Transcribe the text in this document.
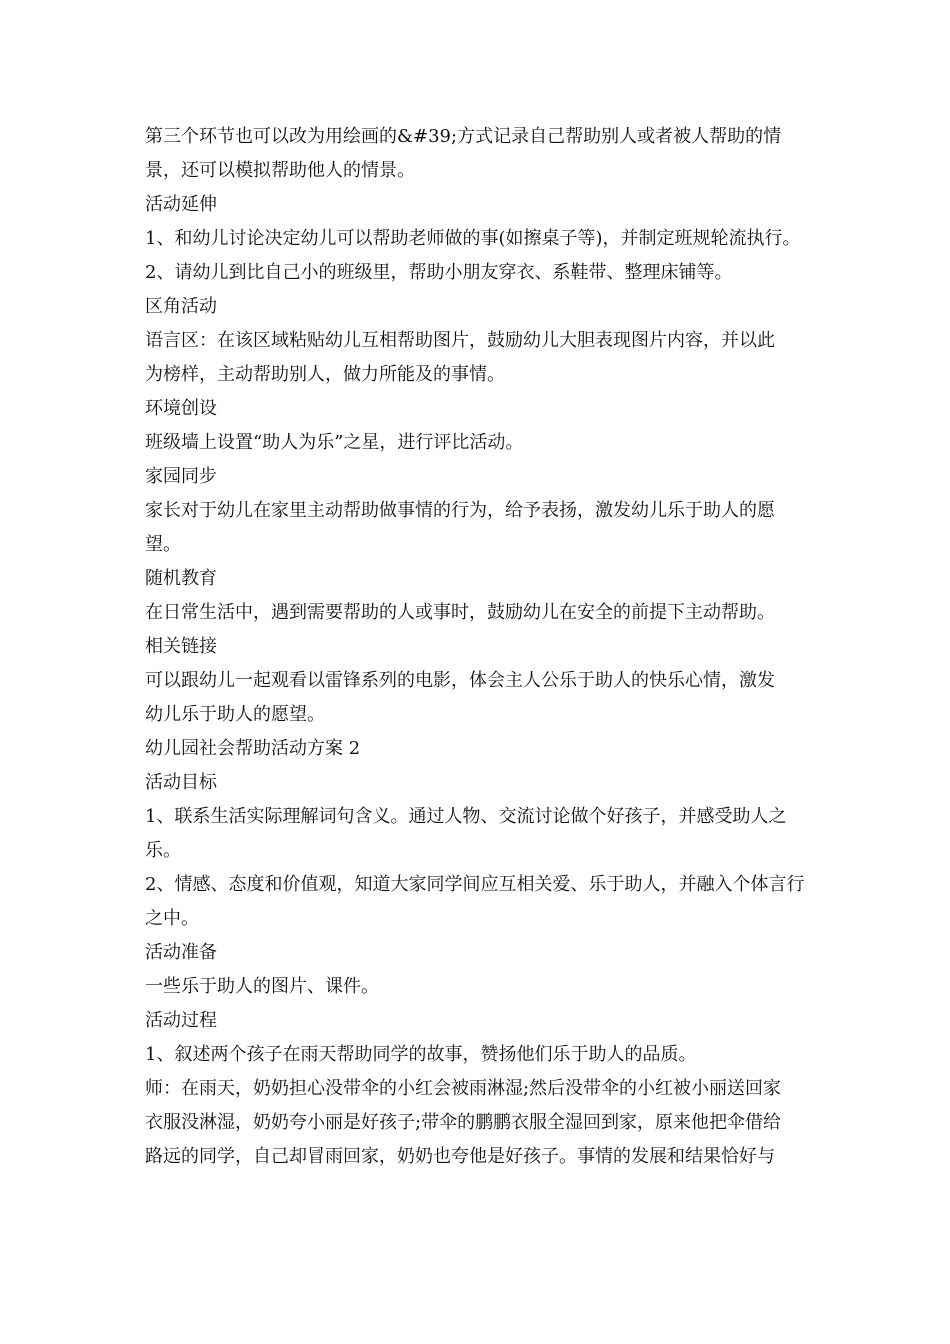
第三个环节也可以改为用绘画的&#39;方式记录自己帮助别人或者被人帮助的情
景，还可以模拟帮助他人的情景。
活动延伸
1、和幼儿讨论决定幼儿可以帮助老师做的事(如擦桌子等)，并制定班规轮流执行。
2、请幼儿到比自己小的班级里，帮助小朋友穿衣、系鞋带、整理床铺等。
区角活动
语言区：在该区域粘贴幼儿互相帮助图片，鼓励幼儿大胆表现图片内容，并以此
为榜样，主动帮助别人，做力所能及的事情。
环境创设
班级墙上设置“助人为乐”之星，进行评比活动。
家园同步
家长对于幼儿在家里主动帮助做事情的行为，给予表扬，激发幼儿乐于助人的愿
望。
随机教育
在日常生活中，遇到需要帮助的人或事时，鼓励幼儿在安全的前提下主动帮助。
相关链接
可以跟幼儿一起观看以雷锋系列的电影，体会主人公乐于助人的快乐心情，激发
幼儿乐于助人的愿望。
幼儿园社会帮助活动方案 2
活动目标
1、联系生活实际理解词句含义。通过人物、交流讨论做个好孩子，并感受助人之
乐。
2、情感、态度和价值观，知道大家同学间应互相关爱、乐于助人，并融入个体言行
之中。
活动准备
一些乐于助人的图片、课件。
活动过程
1、叙述两个孩子在雨天帮助同学的故事，赞扬他们乐于助人的品质。
师：在雨天，奶奶担心没带伞的小红会被雨淋湿;然后没带伞的小红被小丽送回家
衣服没淋湿，奶奶夸小丽是好孩子;带伞的鹏鹏衣服全湿回到家，原来他把伞借给
路远的同学，自己却冒雨回家，奶奶也夸他是好孩子。事情的发展和结果恰好与
